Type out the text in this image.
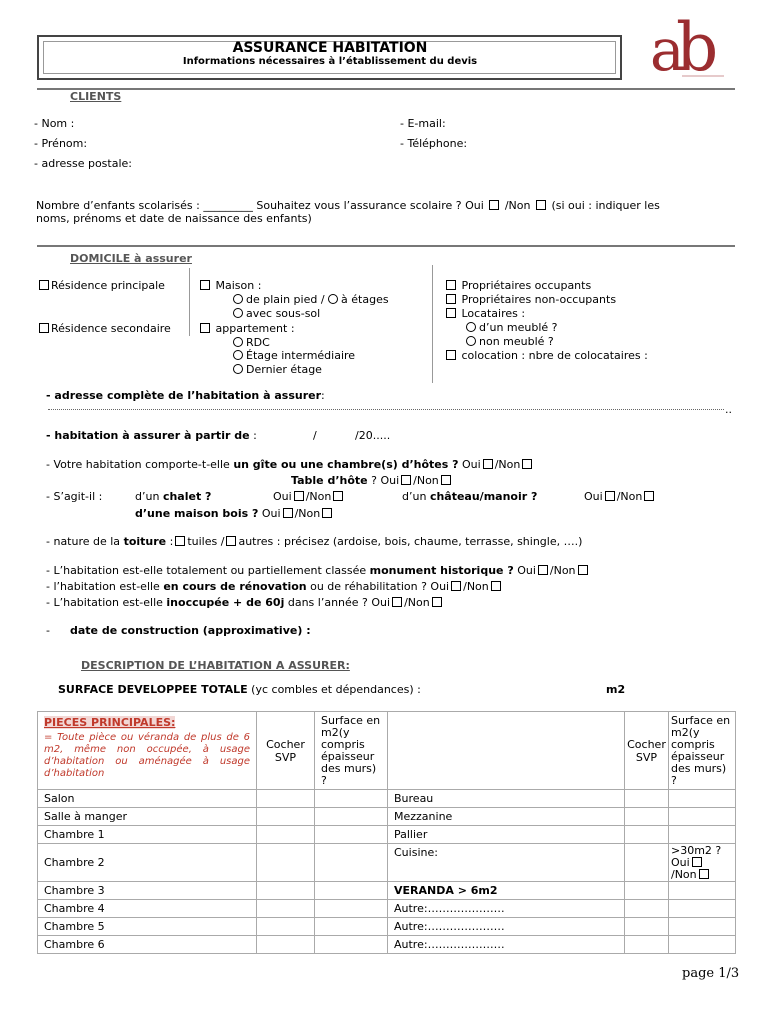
ASSURANCE HABITATION
Informations nécessaires à l’établissement du devis	a
b
CLIENTS
- Nom :	- E-mail:
- Prénom:	- Téléphone:
- adresse postale:
Nombre d’enfants scolarisés : _________ Souhaitez vous l’assurance scolaire ? Oui /Non (si oui : indiquer les
noms, prénoms et date de naissance des enfants)
DOMICILE à assurer
Résidence principale
Résidence secondaire
Maison :
de plain pied / à étages
avec sous-sol
appartement :
RDC
Étage intermédiaire
Dernier étage
Propriétaires occupants
Propriétaires non-occupants
Locataires :
d’un meublé ?
non meublé ?
colocation : nbre de colocataires :
- adresse complète de l’habitation à assurer:
..
- habitation à assurer à partir de :	/	/20.....
- Votre habitation comporte-t-elle un gîte ou une chambre(s) d’hôtes ? Oui /Non
Table d’hôte ? Oui /Non
- S’agit-il :	d’un chalet ?	Oui /Non	d’un château/manoir ?	Oui /Non
d’une maison bois ? Oui /Non
- nature de la toiture : tuiles / autres : précisez (ardoise, bois, chaume, terrasse, shingle, ….)
- L’habitation est-elle totalement ou partiellement classée monument historique ? Oui /Non
- l’habitation est-elle en cours de rénovation ou de réhabilitation ? Oui /Non
- L’habitation est-elle inoccupée + de 60j dans l’année ? Oui /Non
- date de construction (approximative) :
DESCRIPTION DE L’HABITATION A ASSURER:
SURFACE DEVELOPPEE TOTALE (yc combles et dépendances) :	m2
PIECES PRINCIPALES:
= Toute pièce ou véranda de plus de 6 m2, même non occupée, à usage d’habitation ou aménagée à usage d’habitation	Cocher SVP	Surface en m2(y compris épaisseur des murs) ?		Cocher SVP	Surface en m2(y compris épaisseur des murs) ?
Salon			Bureau		
Salle à manger			Mezzanine		
Chambre 1			Pallier		
Chambre 2			Cuisine:		>30m2 ? Oui
/Non
Chambre 3			VERANDA > 6m2		
Chambre 4			Autre:…………………		
Chambre 5			Autre:…………………		
Chambre 6			Autre:…………………		
page 1/3
